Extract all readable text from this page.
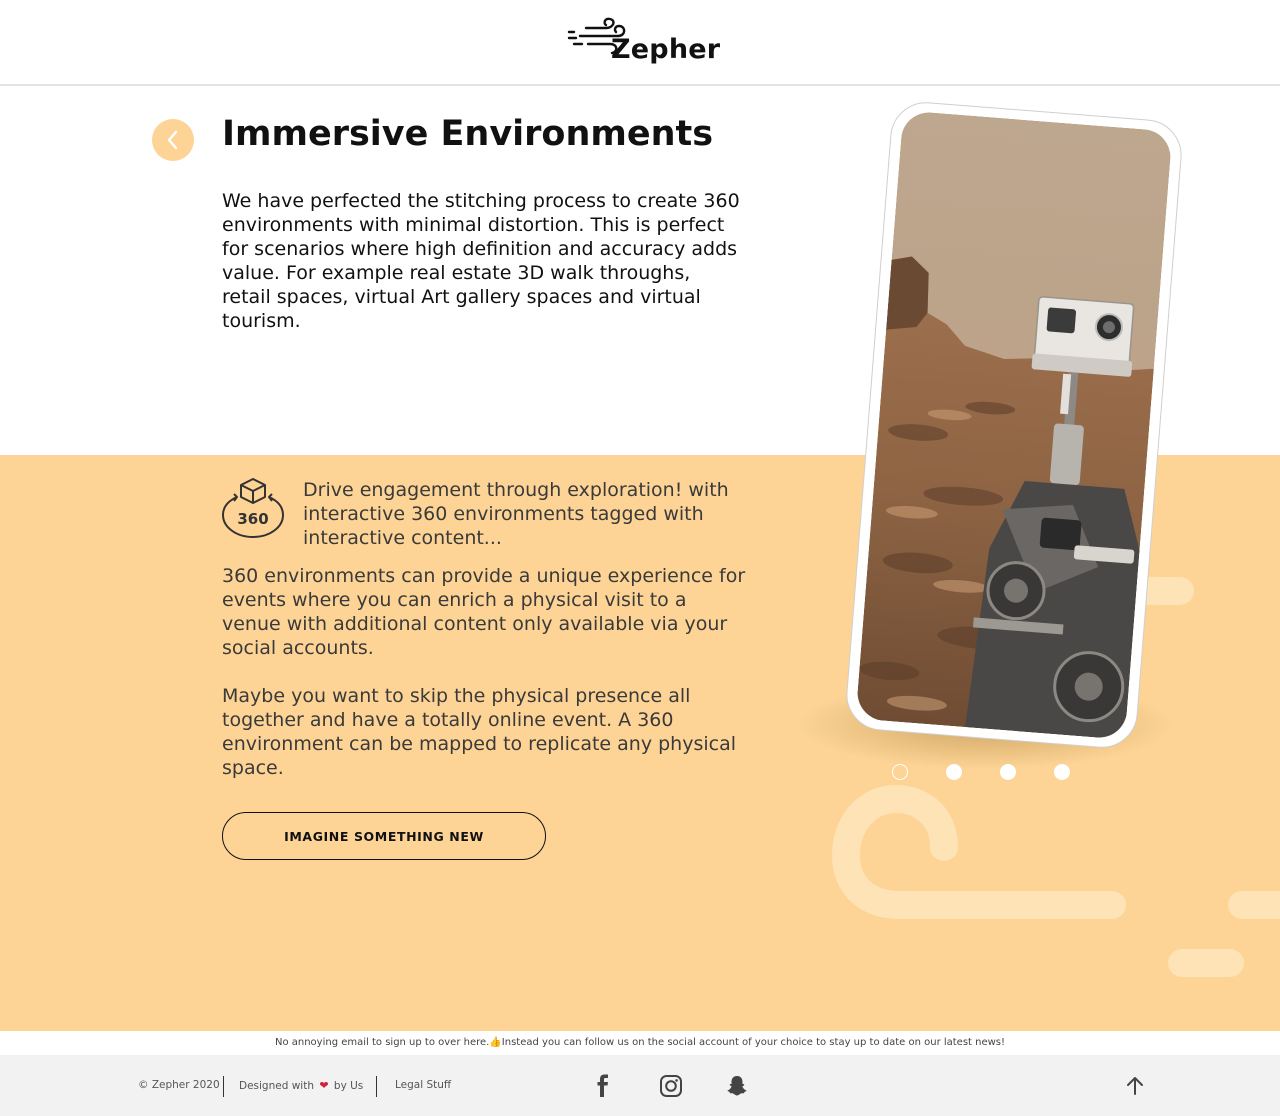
Zepher
Immersive Environments

We have perfected the stitching process to create 360 environments with minimal distortion. This is perfect for scenarios where high definition and accuracy adds value. For example real estate 3D walk throughs, retail spaces, virtual Art gallery spaces and virtual tourism.

360

Drive engagement through exploration! with interactive 360 environments tagged with interactive content...

360 environments can provide a unique experience for events where you can enrich a physical visit to a venue with additional content only available via your social accounts.

Maybe you want to skip the physical presence all together and have a totally online event. A 360 environment can be mapped to replicate any physical space.

IMAGINE SOMETHING NEW
No annoying email to sign up to over here.👍Instead you can follow us on the social account of your choice to stay up to date on our latest news!
© Zepher 2020 Designed with ❤ by Us	Legal Stuff
